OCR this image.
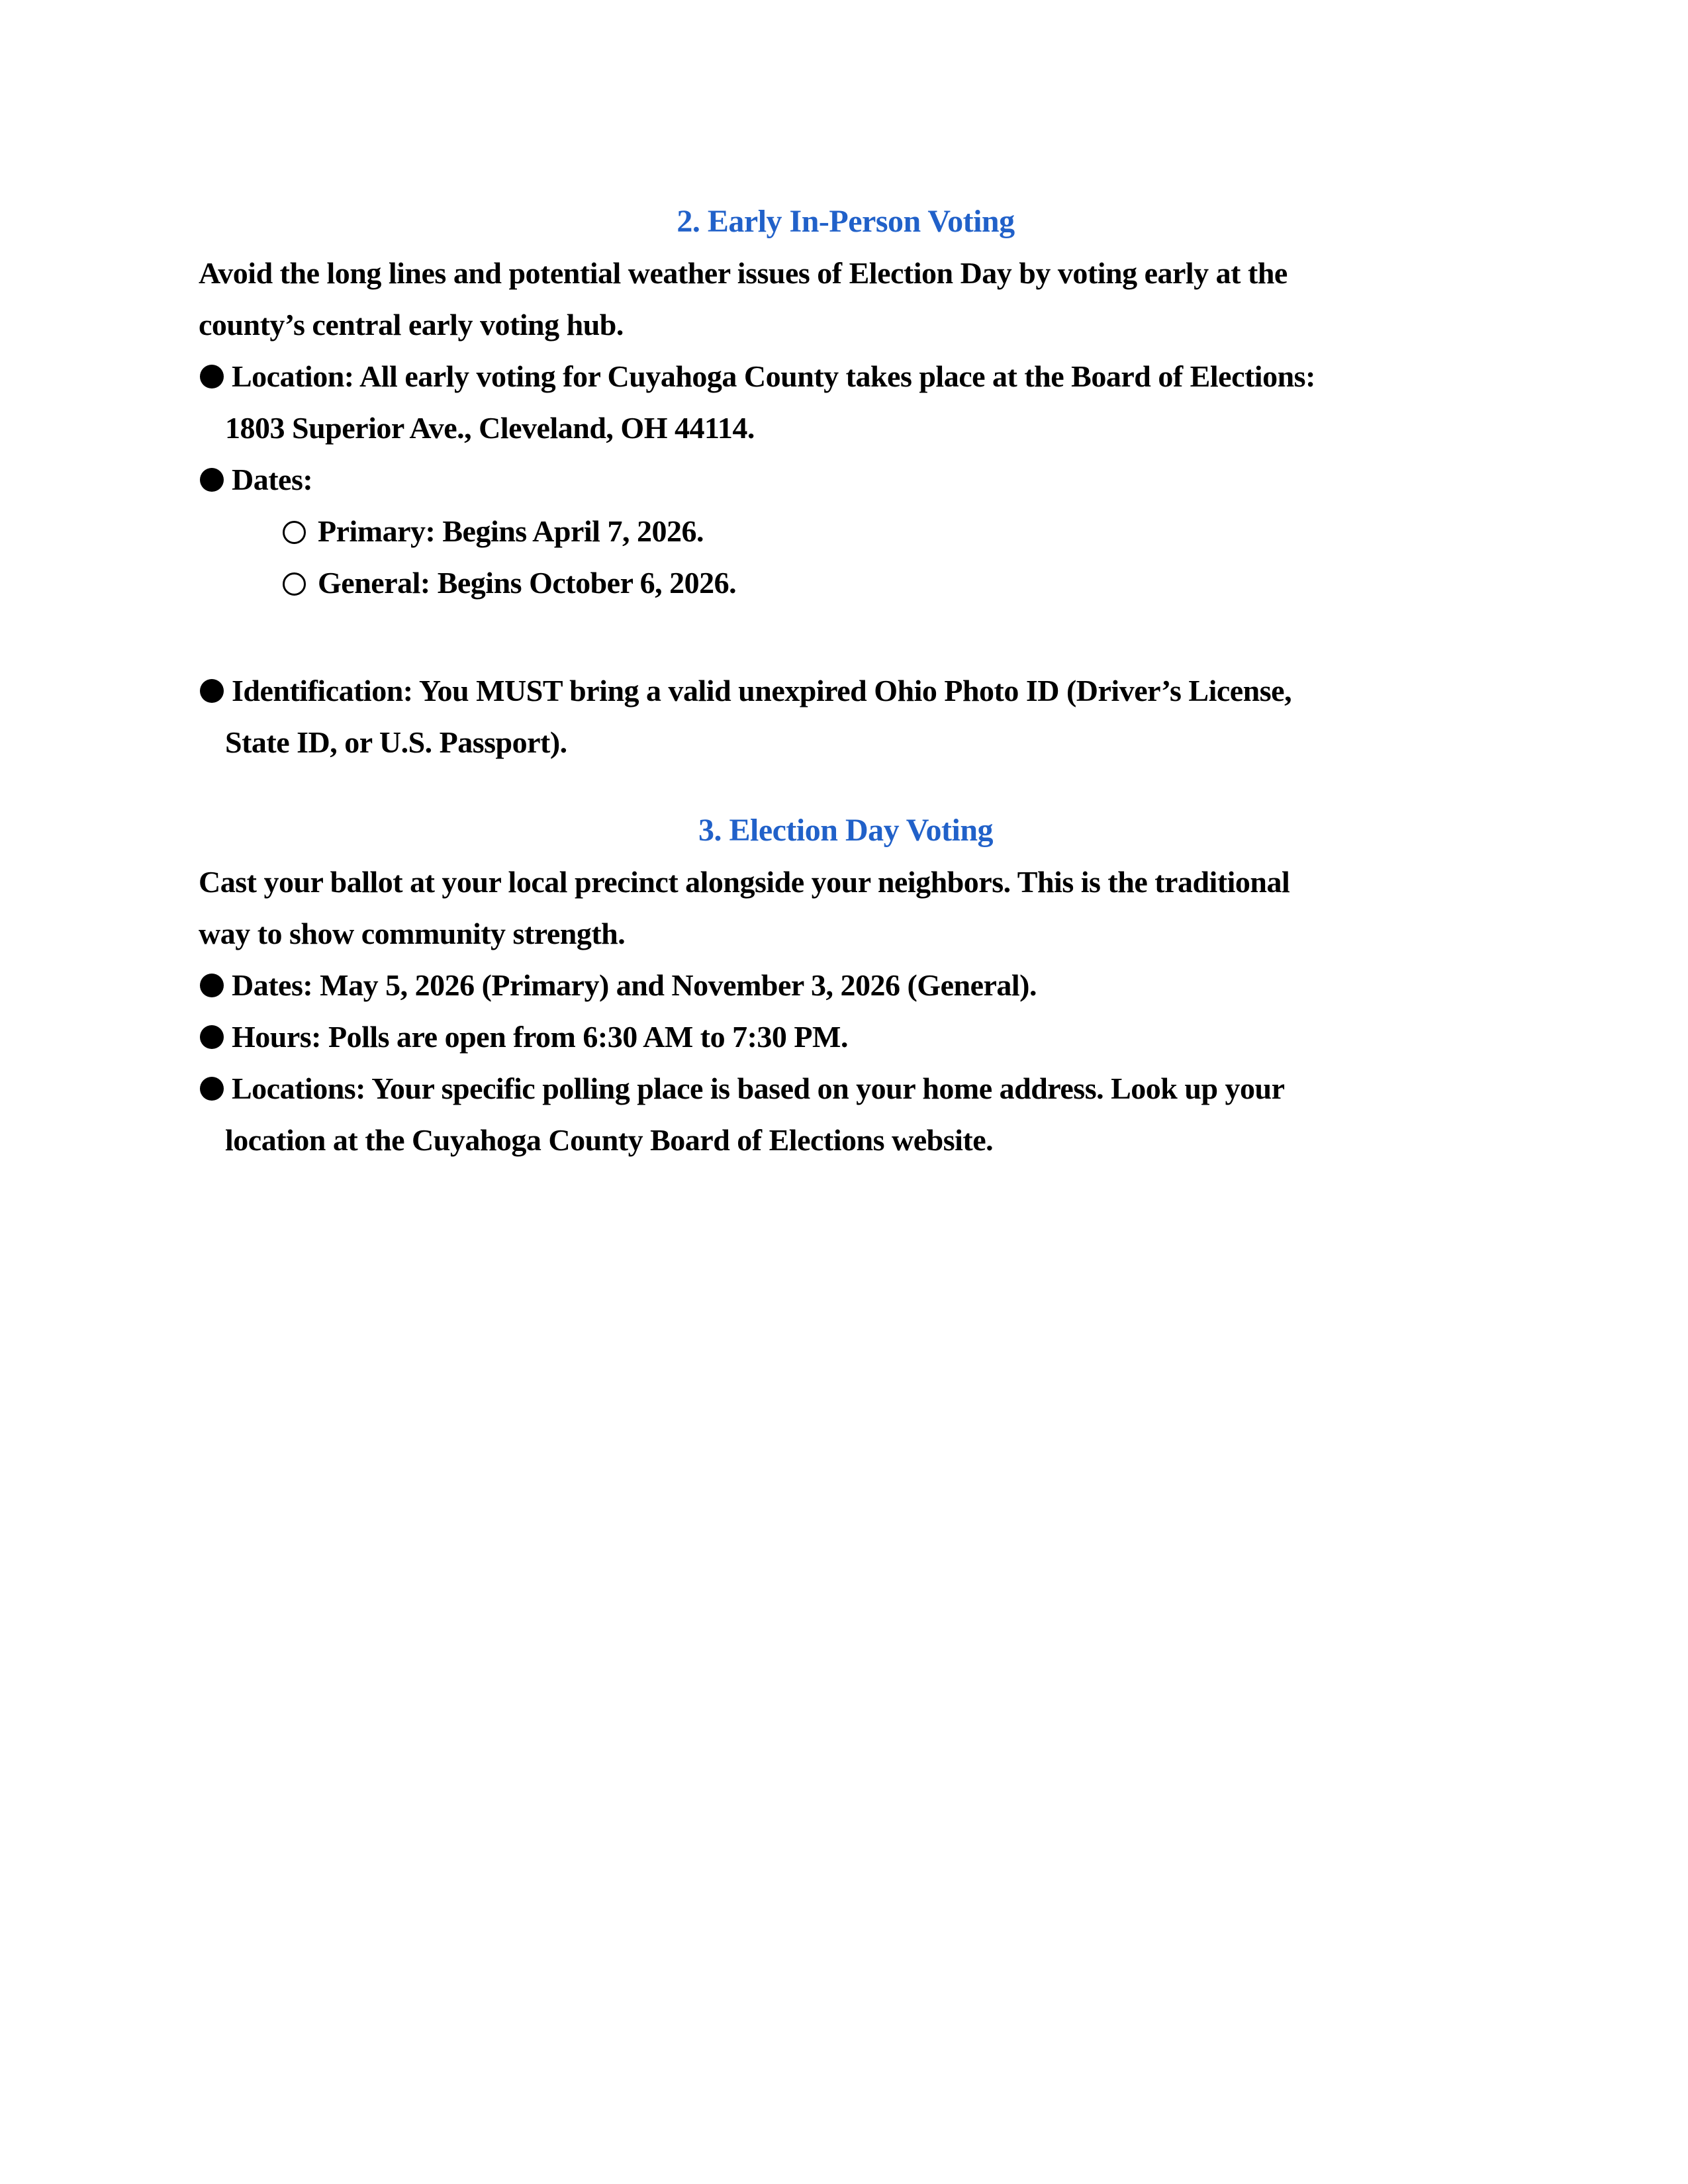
2. Early In-Person Voting
Avoid the long lines and potential weather issues of Election Day by voting early at the
county’s central early voting hub.
Location: All early voting for Cuyahoga County takes place at the Board of Elections:
1803 Superior Ave., Cleveland, OH 44114.
Dates:
Primary: Begins April 7, 2026.
General: Begins October 6, 2026.
Identification: You MUST bring a valid unexpired Ohio Photo ID (Driver’s License,
State ID, or U.S. Passport).
3. Election Day Voting
Cast your ballot at your local precinct alongside your neighbors. This is the traditional
way to show community strength.
Dates: May 5, 2026 (Primary) and November 3, 2026 (General).
Hours: Polls are open from 6:30 AM to 7:30 PM.
Locations: Your specific polling place is based on your home address. Look up your
location at the Cuyahoga County Board of Elections website.
